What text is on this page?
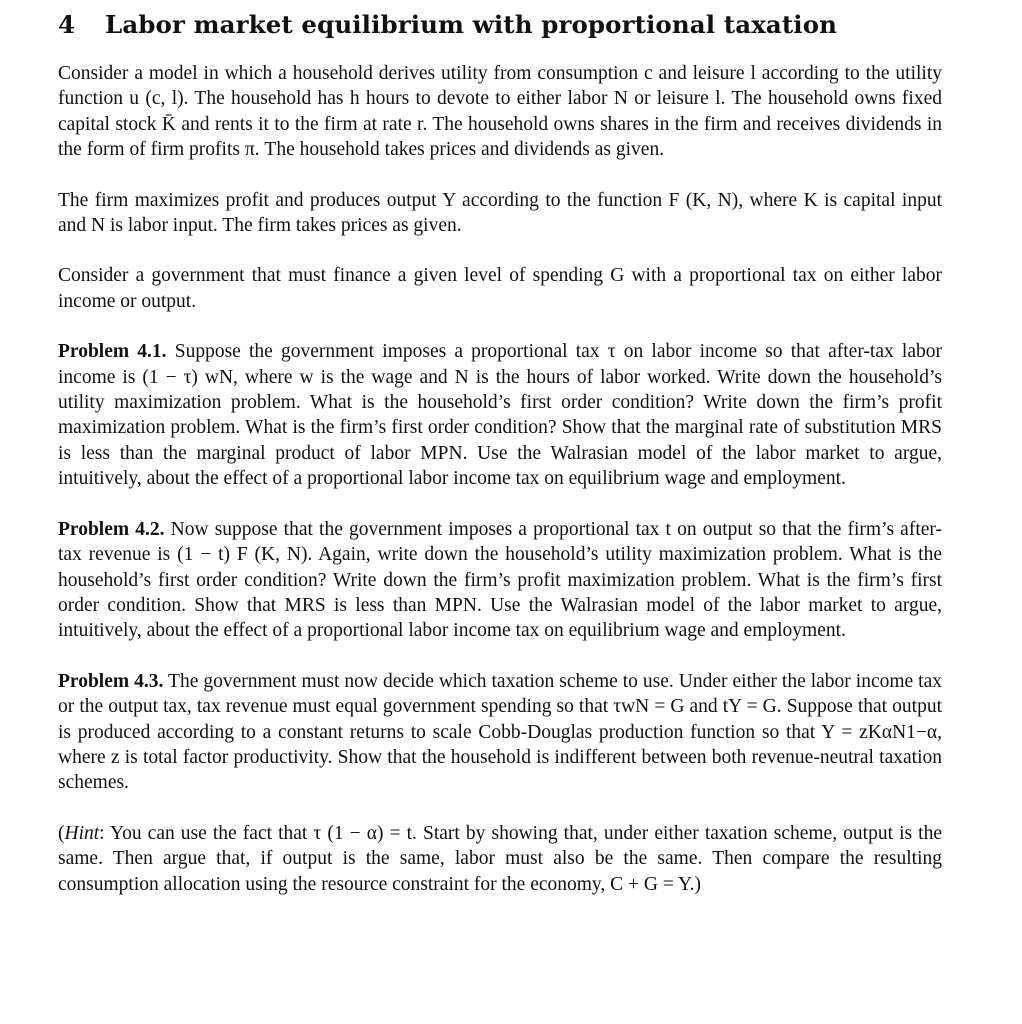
4 Labor market equilibrium with proportional taxation

Consider a model in which a household derives utility from consumption c and leisure l according to the utility function u (c, l). The household has h hours to devote to either labor N or leisure l. The household owns fixed capital stock K̄ and rents it to the firm at rate r. The household owns shares in the firm and receives dividends in the form of firm profits π. The household takes prices and dividends as given.

The firm maximizes profit and produces output Y according to the function F (K, N), where K is capital input and N is labor input. The firm takes prices as given.

Consider a government that must finance a given level of spending G with a proportional tax on either labor income or output.

Problem 4.1. Suppose the government imposes a proportional tax τ on labor income so that after-tax labor income is (1 − τ) wN, where w is the wage and N is the hours of labor worked. Write down the household’s utility maximization problem. What is the household’s first order condition? Write down the firm’s profit maximization problem. What is the firm’s first order condition? Show that the marginal rate of substitution MRS is less than the marginal product of labor MPN. Use the Walrasian model of the labor market to argue, intuitively, about the effect of a proportional labor income tax on equilibrium wage and employment.

Problem 4.2. Now suppose that the government imposes a proportional tax t on output so that the firm’s after-tax revenue is (1 − t) F (K, N). Again, write down the household’s utility maximization problem. What is the household’s first order condition? Write down the firm’s profit maximization problem. What is the firm’s first order condition. Show that MRS is less than MPN. Use the Walrasian model of the labor market to argue, intuitively, about the effect of a proportional labor income tax on equilibrium wage and employment.

Problem 4.3. The government must now decide which taxation scheme to use. Under either the labor income tax or the output tax, tax revenue must equal government spending so that τwN = G and tY = G. Suppose that output is produced according to a constant returns to scale Cobb-Douglas production function so that Y = zKαN1−α, where z is total factor productivity. Show that the household is indifferent between both revenue-neutral taxation schemes.

(Hint: You can use the fact that τ (1 − α) = t. Start by showing that, under either taxation scheme, output is the same. Then argue that, if output is the same, labor must also be the same. Then compare the resulting consumption allocation using the resource constraint for the economy, C + G = Y.)
